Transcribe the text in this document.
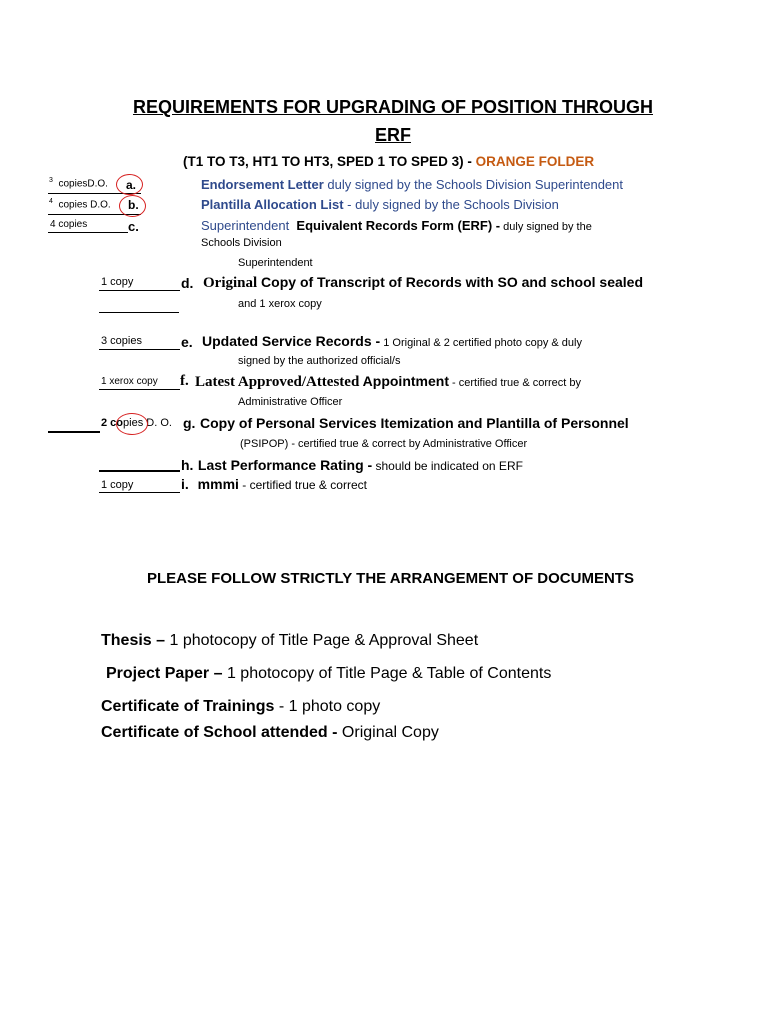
REQUIREMENTS FOR UPGRADING OF POSITION THROUGH
ERF
(T1 TO T3, HT1 TO HT3, SPED 1 TO SPED 3) - ORANGE FOLDER
$^3$ copiesD.O. a.	Endorsement Letter duly signed by the Schools Division Superintendent
$^4$ copies D.O. b.	Plantilla Allocation List - duly signed by the Schools Division
4 copies	c.	Superintendent Equivalent Records Form (ERF) - duly signed by the
Schools Division
Superintendent
1 copy	d. Original Copy of Transcript of Records with SO and school sealed
and 1 xerox copy
3 copies	e. Updated Service Records - 1 Original & 2 certified photo copy & duly
signed by the authorized official/s
1 xerox copy f. Latest Approved/Attested Appointment - certified true & correct by
Administrative Officer
2 copies D. O. g. Copy of Personal Services Itemization and Plantilla of Personnel
(PSIPOP) - certified true & correct by Administrative Officer
h. Last Performance Rating - should be indicated on ERF
1 copy	i. mmmi - certified true & correct
PLEASE FOLLOW STRICTLY THE ARRANGEMENT OF DOCUMENTS
Thesis – 1 photocopy of Title Page & Approval Sheet
Project Paper – 1 photocopy of Title Page & Table of Contents
Certificate of Trainings - 1 photo copy
Certificate of School attended - Original Copy
